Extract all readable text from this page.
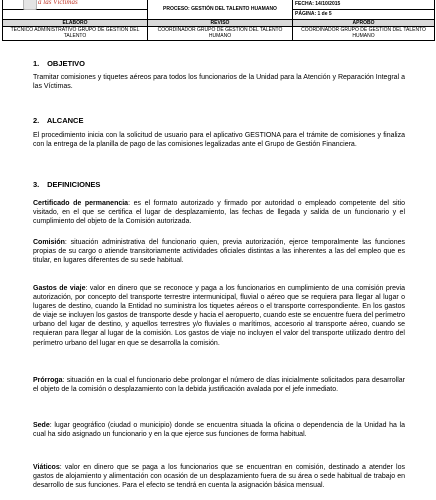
a las Víctimas	PROCESO: GESTIÓN DEL TALENTO HUAMANO	FECHA: 14/10/2015
		PÁGINA: 1 de 5
ELABORO	REVISO	APROBO
TECNICO ADMINISTRATIVO GRUPO DE GESTION DEL TALENTO	COORDINADOR GRUPO DE GESTION DEL TALENTO HUMANO	COORDINADOR GRUPO DE GESTION DEL TALENTO HUMANO
1. OBJETIVO
Tramitar comisiones y tiquetes aéreos para todos los funcionarios de la Unidad para la Atención y Reparación Integral a las Víctimas.
2. ALCANCE
El procedimiento inicia con la solicitud de usuario para el aplicativo GESTIONA para el trámite de comisiones y finaliza con la entrega de la planilla de pago de las comisiones legalizadas ante el Grupo de Gestión Financiera.
3. DEFINICIONES
Certificado de permanencia: es el formato autorizado y firmado por autoridad o empleado competente del sitio visitado, en el que se certifica el lugar de desplazamiento, las fechas de llegada y salida de un funcionario y el cumplimiento del objeto de la Comisión autorizada.
Comisión: situación administrativa del funcionario quien, previa autorización, ejerce temporalmente las funciones propias de su cargo o atiende transitoriamente actividades oficiales distintas a las inherentes a las del empleo que es titular, en lugares diferentes de su sede habitual.
Gastos de viaje: valor en dinero que se reconoce y paga a los funcionarios en cumplimiento de una comisión previa autorización, por concepto del transporte terrestre intermunicipal, fluvial o aéreo que se requiera para llegar al lugar o lugares de destino, cuando la Entidad no suministra los tiquetes aéreos o el transporte correspondiente. En los gastos de viaje se incluyen los gastos de transporte desde y hacia el aeropuerto, cuando este se encuentre fuera del perímetro urbano del lugar de destino, y aquellos terrestres y/o fluviales o marítimos, accesorio al transporte aéreo, cuando se requieran para llegar al lugar de la comisión. Los gastos de viaje no incluyen el valor del transporte utilizado dentro del perímetro urbano del lugar en que se desarrolla la comisión.
Prórroga: situación en la cual el funcionario debe prolongar el número de días inicialmente solicitados para desarrollar el objeto de la comisión o desplazamiento con la debida justificación avalada por el jefe inmediato.
Sede: lugar geográfico (ciudad o municipio) donde se encuentra situada la oficina o dependencia de la Unidad ha la cual ha sido asignado un funcionario y en la que ejerce sus funciones de forma habitual.
Viáticos: valor en dinero que se paga a los funcionarios que se encuentran en comisión, destinado a atender los gastos de alojamiento y alimentación con ocasión de un desplazamiento fuera de su área o sede habitual de trabajo en desarrollo de sus funciones. Para el efecto se tendrá en cuenta la asignación básica mensual.
